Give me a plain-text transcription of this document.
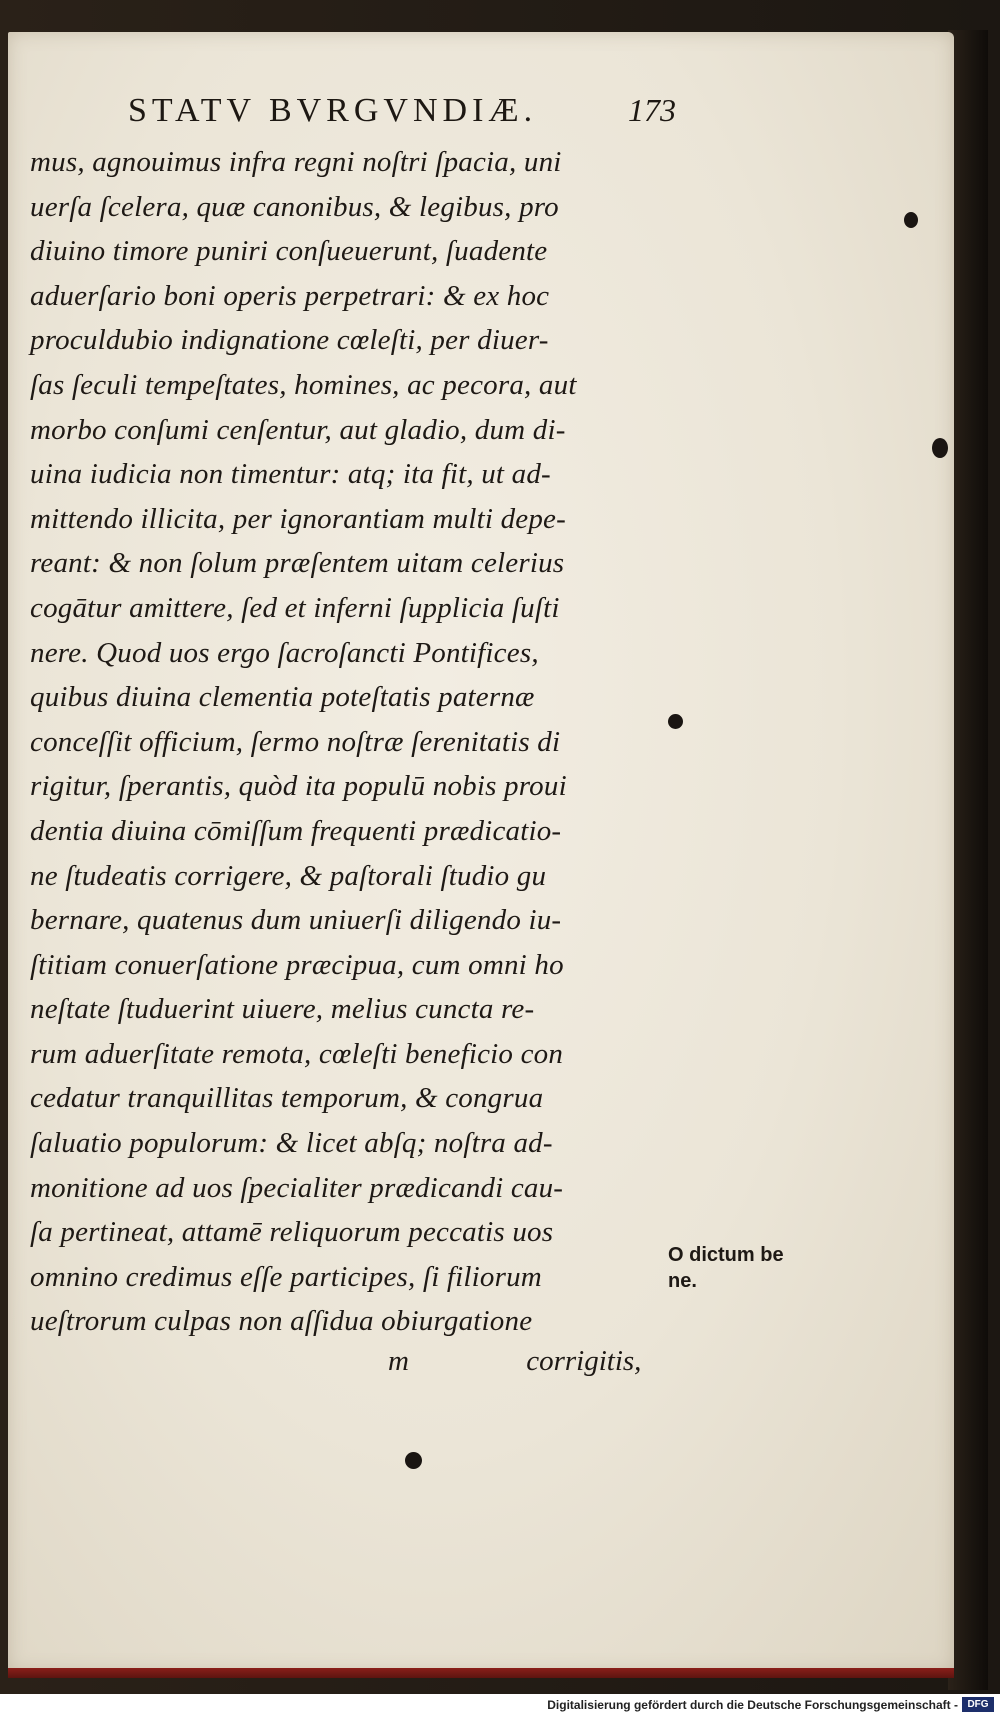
STATV BVRGVNDIÆ.	173
mus, agnouimus infra regni noſtri ſpacia, uni
uerſa ſcelera, quæ canonibus, & legibus, pro
diuino timore puniri conſueuerunt, ſuadente
aduerſario boni operis perpetrari: & ex hoc
proculdubio indignatione cœleſti, per diuer-
ſas ſeculi tempeſtates, homines, ac pecora, aut
morbo conſumi cenſentur, aut gladio, dum di-
uina iudicia non timentur: atq; ita fit, ut ad-
mittendo illicita, per ignorantiam multi depe-
reant: & non ſolum præſentem uitam celerius
cogātur amittere, ſed et inferni ſupplicia ſuſti
nere. Quod uos ergo ſacroſancti Pontifices,
quibus diuina clementia poteſtatis paternæ
conceſſit officium, ſermo noſtræ ſerenitatis di
rigitur, ſperantis, quòd ita populū nobis proui
dentia diuina cōmiſſum frequenti prædicatio-
ne ſtudeatis corrigere, & paſtorali ſtudio gu
bernare, quatenus dum uniuerſi diligendo iu-
ſtitiam conuerſatione præcipua, cum omni ho
neſtate ſtuduerint uiuere, melius cuncta re-
rum aduerſitate remota, cœleſti beneficio con
cedatur tranquillitas temporum, & congrua
ſaluatio populorum: & licet abſq; noſtra ad-
monitione ad uos ſpecialiter prædicandi cau-
ſa pertineat, attamē reliquorum peccatis uos
omnino credimus eſſe participes, ſi filiorum
ueſtrorum culpas non aſſidua obiurgatione
m	corrigitis,
O dictum be
ne.
Digitalisierung gefördert durch die Deutsche Forschungsgemeinschaft - DFG
